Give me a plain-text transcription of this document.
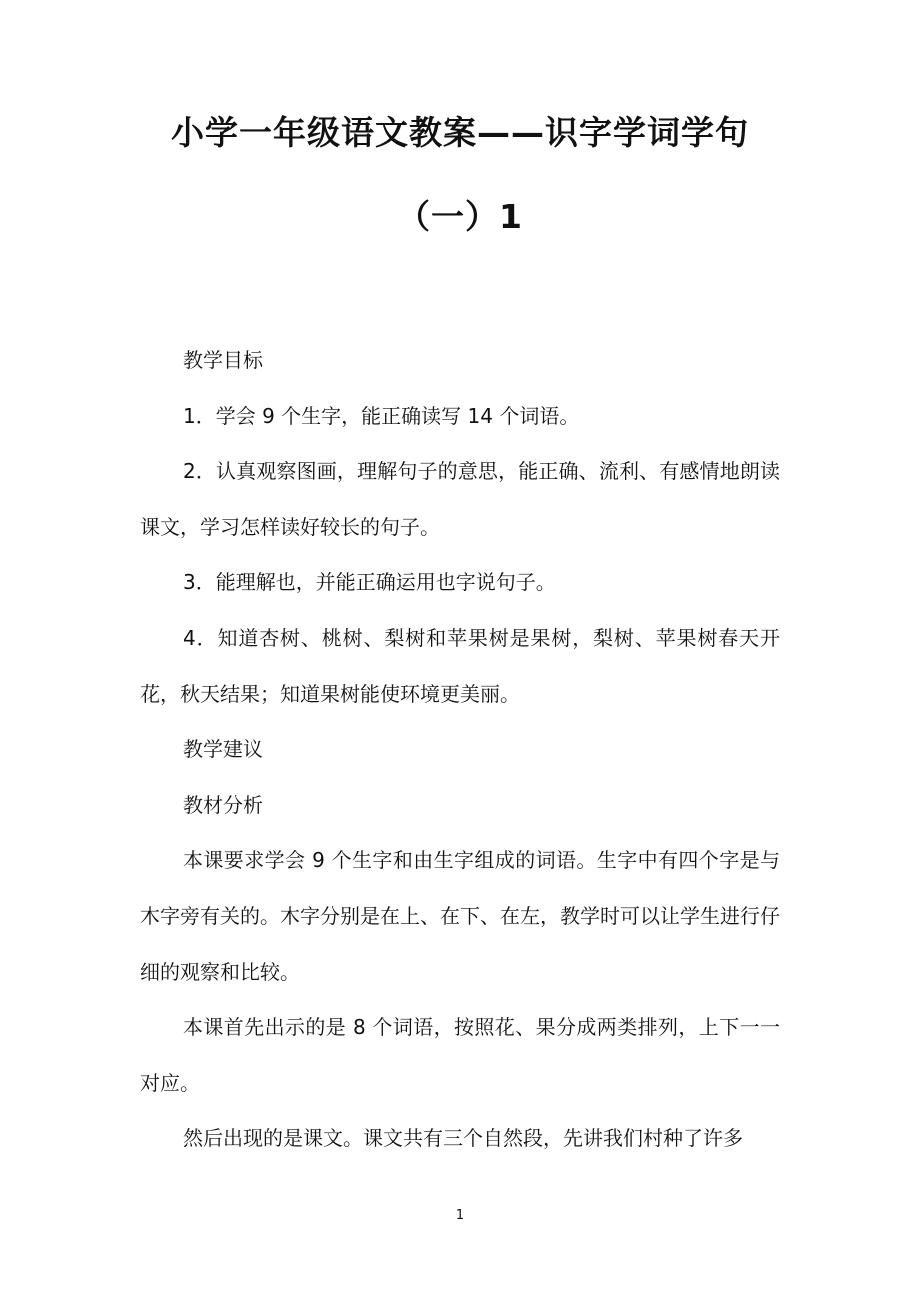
小学一年级语文教案——识字学词学句
（一）1

教学目标

1．学会 9 个生字，能正确读写 14 个词语。

2．认真观察图画，理解句子的意思，能正确、流利、有感情地朗读课文，学习怎样读好较长的句子。

3．能理解也，并能正确运用也字说句子。

4．知道杏树、桃树、梨树和苹果树是果树，梨树、苹果树春天开花，秋天结果；知道果树能使环境更美丽。

教学建议

教材分析

本课要求学会 9 个生字和由生字组成的词语。生字中有四个字是与木字旁有关的。木字分别是在上、在下、在左，教学时可以让学生进行仔细的观察和比较。

本课首先出示的是 8 个词语，按照花、果分成两类排列，上下一一对应。

然后出现的是课文。课文共有三个自然段，先讲我们村种了许多

1
